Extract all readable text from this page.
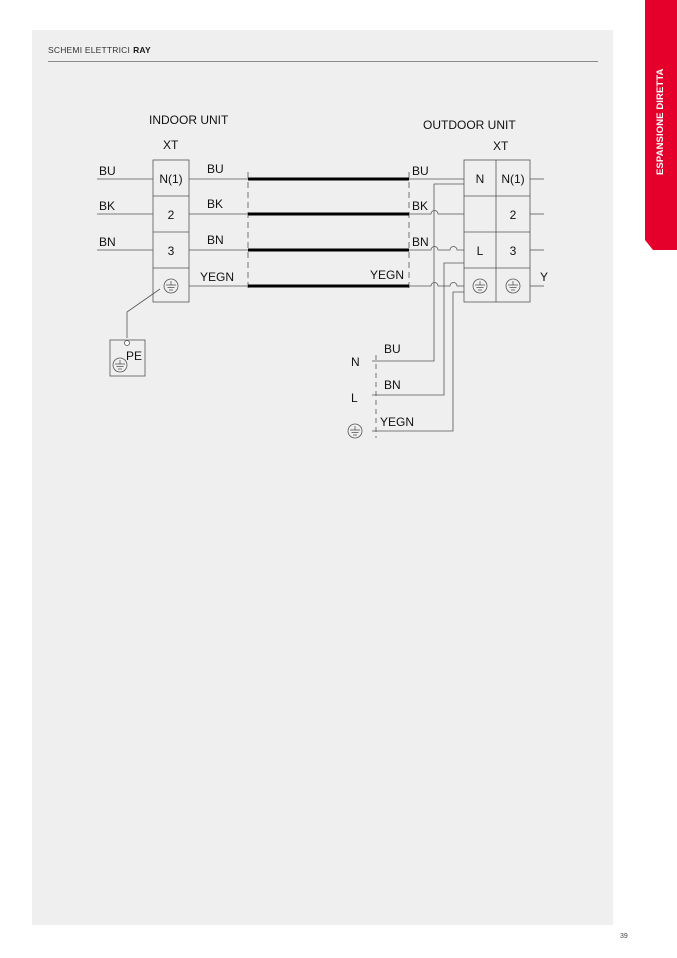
SCHEMI ELETTRICI RAY
ESPANSIONE DIRETTA
INDOOR UNIT
XT
N(1)
2
3
BU
BK
BN
BU
BK
BN
YEGN
PE
OUTDOOR UNIT
XT
BU
BK
BN
YEGN
N
L
N(1)
2
3
Y
N
L
BU
BN
YEGN
39
